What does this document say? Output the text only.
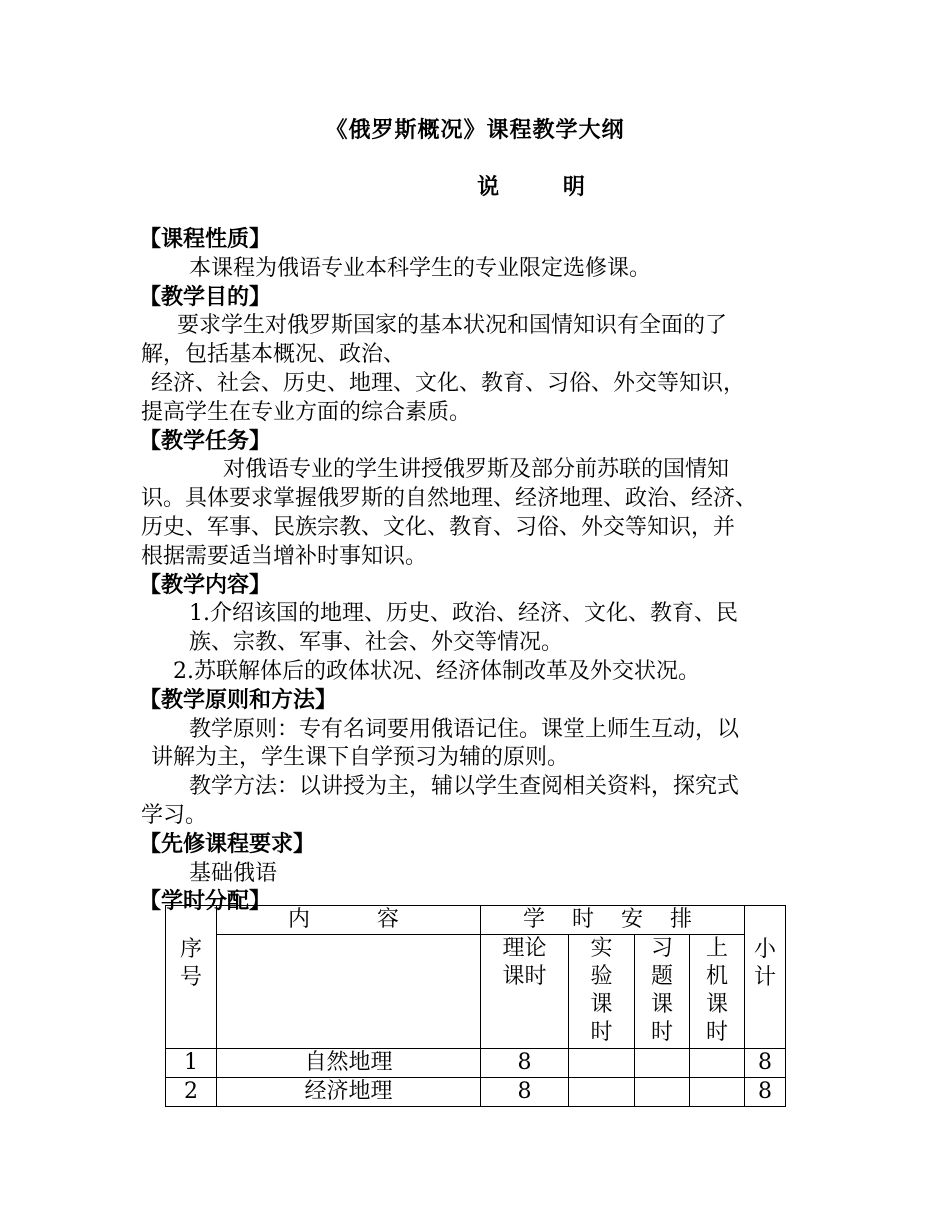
《俄罗斯概况》课程教学大纲
说 明
【课程性质】

本课程为俄语专业本科学生的专业限定选修课。

【教学目的】

要求学生对俄罗斯国家的基本状况和国情知识有全面的了

解，包括基本概况、政治、

经济、社会、历史、地理、文化、教育、习俗、外交等知识，

提高学生在专业方面的综合素质。

【教学任务】

对俄语专业的学生讲授俄罗斯及部分前苏联的国情知

识。具体要求掌握俄罗斯的自然地理、经济地理、政治、经济、

历史、军事、民族宗教、文化、教育、习俗、外交等知识，并

根据需要适当增补时事知识。

【教学内容】

1.介绍该国的地理、历史、政治、经济、文化、教育、民

族、宗教、军事、社会、外交等情况。

2.苏联解体后的政体状况、经济体制改革及外交状况。

【教学原则和方法】

教学原则：专有名词要用俄语记住。课堂上师生互动，以

讲解为主，学生课下自学预习为辅的原则。

教学方法：以讲授为主，辅以学生查阅相关资料，探究式

学习。

【先修课程要求】

基础俄语

【学时分配】
序号	内 容	学 时 安 排				小计
		理论课时	实验课时	习题课时	上机课时	
1	自然地理	8				8
2	经济地理	8				8
